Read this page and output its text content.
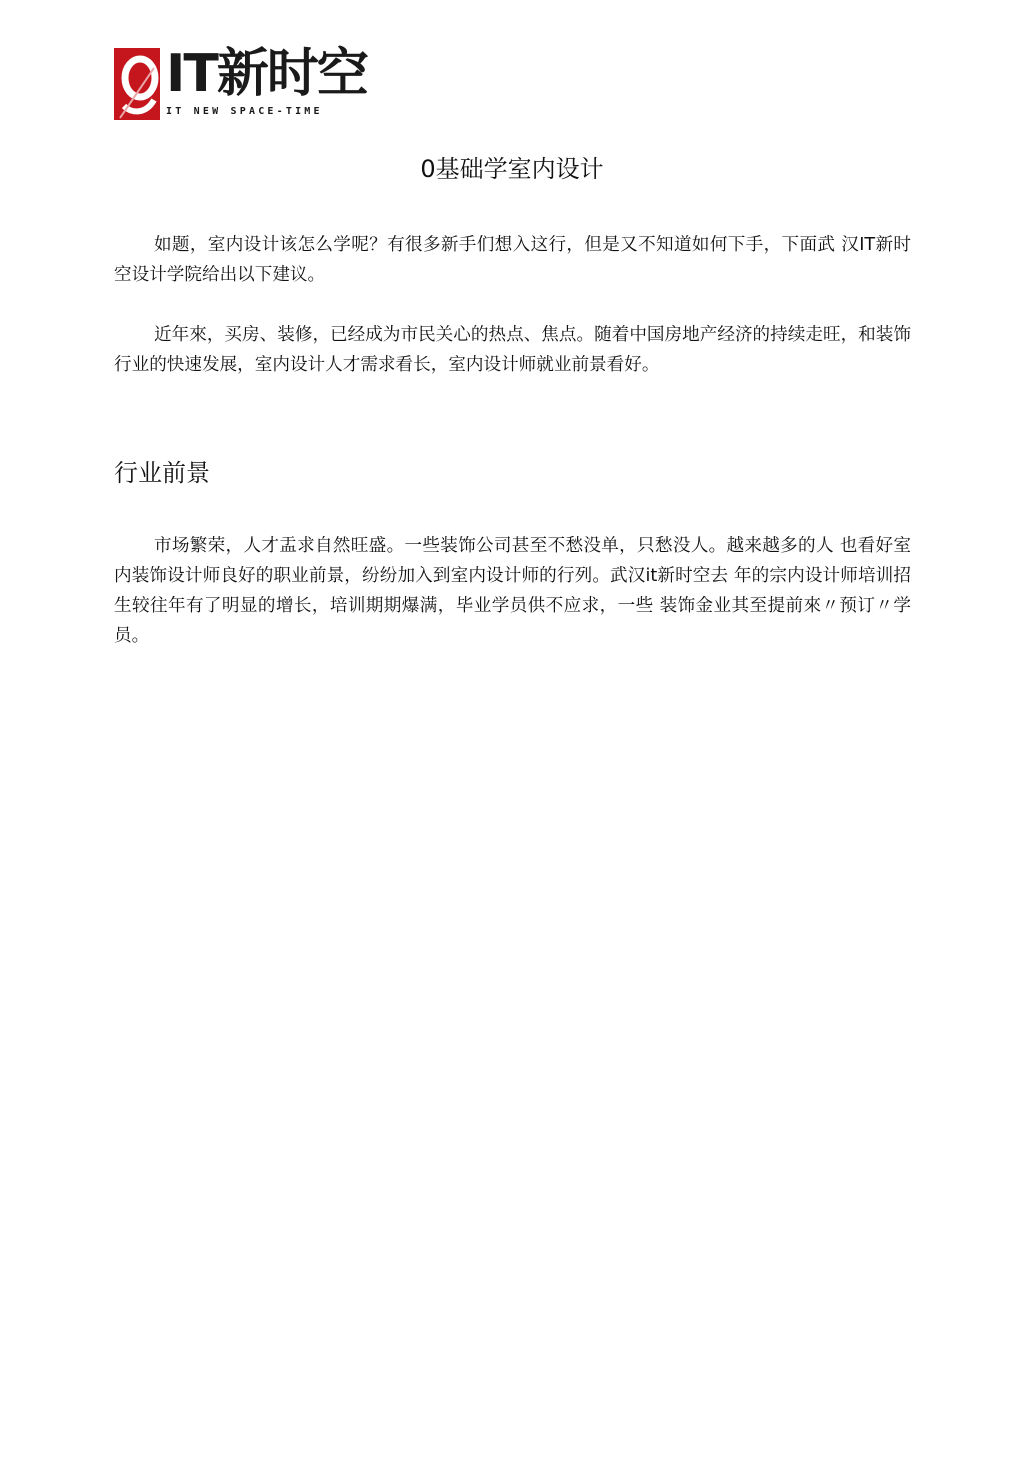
IT新时空
IT NEW SPACE-TIME
0基础学室内设计

如题，室内设计该怎么学呢？有很多新手们想入这行，但是又不知道如何下手，下面武 汉IT新时空设计学院给出以下建议。

近年來，买房、装修，已经成为市民关心的热点、焦点。随着中国房地产经济的持续走旺，和装饰行业的快速发展，室内设计人才需求看长，室内设计师就业前景看好。

行业前景

市场繁荣，人才盂求自然旺盛。一些装饰公司甚至不愁没单，只愁没人。越来越多的人 也看好室内装饰设计师良好的职业前景，纷纷加入到室内设计师的行列。武汉it新时空去 年的宗内设计师培训招生较往年有了明显的增长，培训期期爆满，毕业学员供不应求，一些 装饰金业其至提前來〃预订〃学员。
